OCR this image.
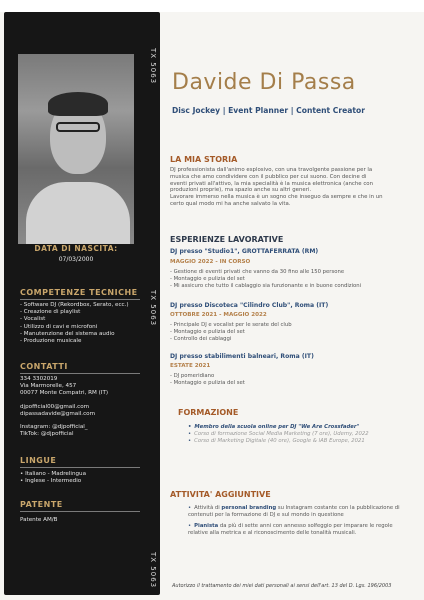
TX 5063
TX 5063
TX 5063
DATA DI NASCITA:
07/03/2000
COMPETENZE TECNICHE
- Software DJ (Rekordbox, Serato, ecc.)
- Creazione di playlist
- Vocalist
- Utilizzo di cavi e microfoni
- Manutenzione del sistema audio
- Produzione musicale
CONTATTI
334 3302019
Via Marmorelle, 457
00077 Monte Compatri, RM (IT)
djpofficial00@gmail.com
dipassadavide@gmail.com
Instagram: @djpofficial_
TikTok: @djpofficial
LINGUE
• Italiano - Madrelingua
• Inglese - Intermedio
PATENTE
Patente AM/B
Davide Di Passa
Disc Jockey | Event Planner | Content Creator
LA MIA STORIA
DJ professionista dall'animo esplosivo, con una travolgente passione per la
musica che amo condividere con il pubblico per cui suono. Con decine di
eventi privati all'attivo, la mia specialità è la musica elettronica (anche con
produzioni proprie), ma spazio anche su altri generi.
Lavorare immerso nella musica è un sogno che inseguo da sempre e che in un
certo qual modo mi ha anche salvato la vita.
ESPERIENZE LAVORATIVE
DJ presso "Studio1", GROTTAFERRATA (RM)
MAGGIO 2022 - IN CORSO
- Gestione di eventi privati che vanno da 30 fino alle 150 persone
- Montaggio e pulizia del set
- Mi assicuro che tutto il cablaggio sia funzionante e in buone condizioni
DJ presso Discoteca "Cilindro Club", Roma (IT)
OTTOBRE 2021 - MAGGIO 2022
- Principale DJ e vocalist per le serate del club
- Montaggio e pulizia del set
- Controllo dei cablaggi
DJ presso stabilimenti balneari, Roma (IT)
ESTATE 2021
- DJ pomeridiano
- Montaggio e pulizia del set
FORMAZIONE
• Membro della scuola online per DJ "We Are Crossfader"
• Corso di formazione Social Media Marketing (7 ore), Udemy, 2022
• Corso di Marketing Digitale (40 ore), Google & IAB Europe, 2021
ATTIVITA' AGGIUNTIVE
• Attività di personal branding su Instagram costante con la pubblicazione di contenuti per la formazione di DJ e sul mondo in questione
• Pianista da più di sette anni con annesso solfeggio per imparare le regole relative alla metrica e al riconoscimento delle tonalità musicali.
Autorizzo il trattamento dei miei dati personali ai sensi dell'art. 13 del D. Lgs. 196/2003
